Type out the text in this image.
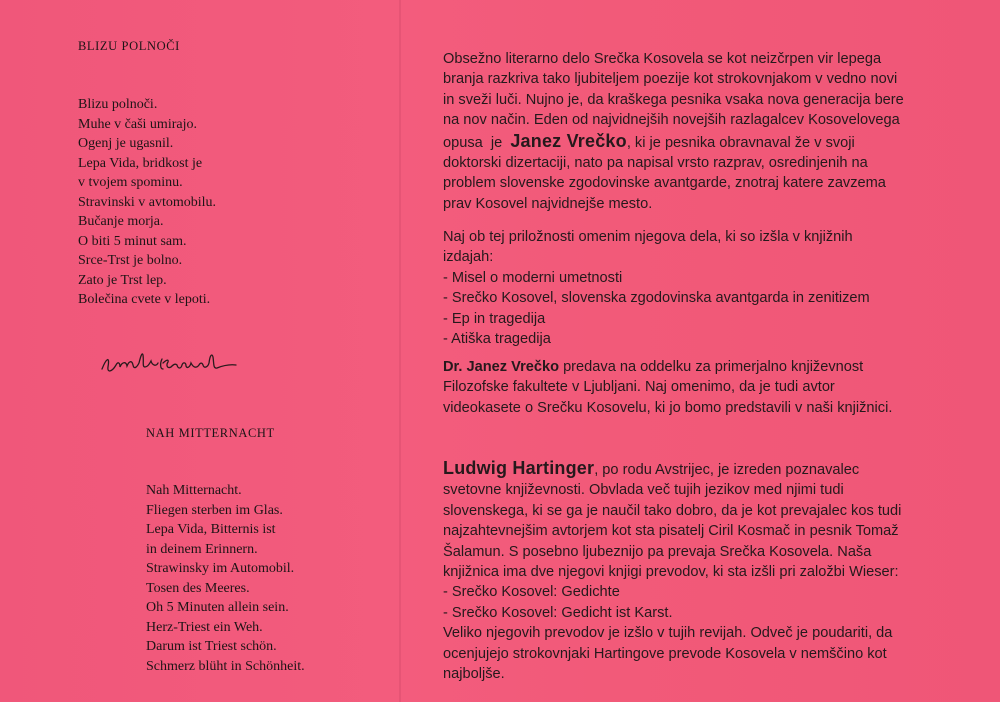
BLIZU POLNOČI
Blizu polnoči.
Muhe v čaši umirajo.
Ogenj je ugasnil.
Lepa Vida, bridkost je
v tvojem spominu.
Stravinski v avtomobilu.
Bučanje morja.
O biti 5 minut sam.
Srce-Trst je bolno.
Zato je Trst lep.
Bolečina cvete v lepoti.
NAH MITTERNACHT
Nah Mitternacht.
Fliegen sterben im Glas.
Lepa Vida, Bitternis ist
in deinem Erinnern.
Strawinsky im Automobil.
Tosen des Meeres.
Oh 5 Minuten allein sein.
Herz-Triest ein Weh.
Darum ist Triest schön.
Schmerz blüht in Schönheit.
Obsežno literarno delo Srečka Kosovela se kot neizčrpen vir lepega
branja razkriva tako ljubiteljem poezije kot strokovnjakom v vedno novi
in sveži luči. Nujno je, da kraškega pesnika vsaka nova generacija bere
na nov način. Eden od najvidnejših novejših razlagalcev Kosovelovega
opusa  je  Janez Vrečko, ki je pesnika obravnaval že v svoji
doktorski dizertaciji, nato pa napisal vrsto razprav, osredinjenih na
problem slovenske zgodovinske avantgarde, znotraj katere zavzema
prav Kosovel najvidnejše mesto.
Naj ob tej priložnosti omenim njegova dela, ki so izšla v knjižnih
izdajah:
- Misel o moderni umetnosti
- Srečko Kosovel, slovenska zgodovinska avantgarda in zenitizem
- Ep in tragedija
- Atiška tragedija
Dr. Janez Vrečko predava na oddelku za primerjalno književnost
Filozofske fakultete v Ljubljani. Naj omenimo, da je tudi avtor
videokasete o Srečku Kosovelu, ki jo bomo predstavili v naši knjižnici.
Ludwig Hartinger, po rodu Avstrijec, je izreden poznavalec
svetovne književnosti. Obvlada več tujih jezikov med njimi tudi
slovenskega, ki se ga je naučil tako dobro, da je kot prevajalec kos tudi
najzahtevnejšim avtorjem kot sta pisatelj Ciril Kosmač in pesnik Tomaž
Šalamun. S posebno ljubeznijo pa prevaja Srečka Kosovela. Naša
knjižnica ima dve njegovi knjigi prevodov, ki sta izšli pri založbi Wieser:
- Srečko Kosovel: Gedichte
- Srečko Kosovel: Gedicht ist Karst.
Veliko njegovih prevodov je izšlo v tujih revijah. Odveč je poudariti, da
ocenjujejo strokovnjaki Hartingove prevode Kosovela v nemščino kot
najboljše.
